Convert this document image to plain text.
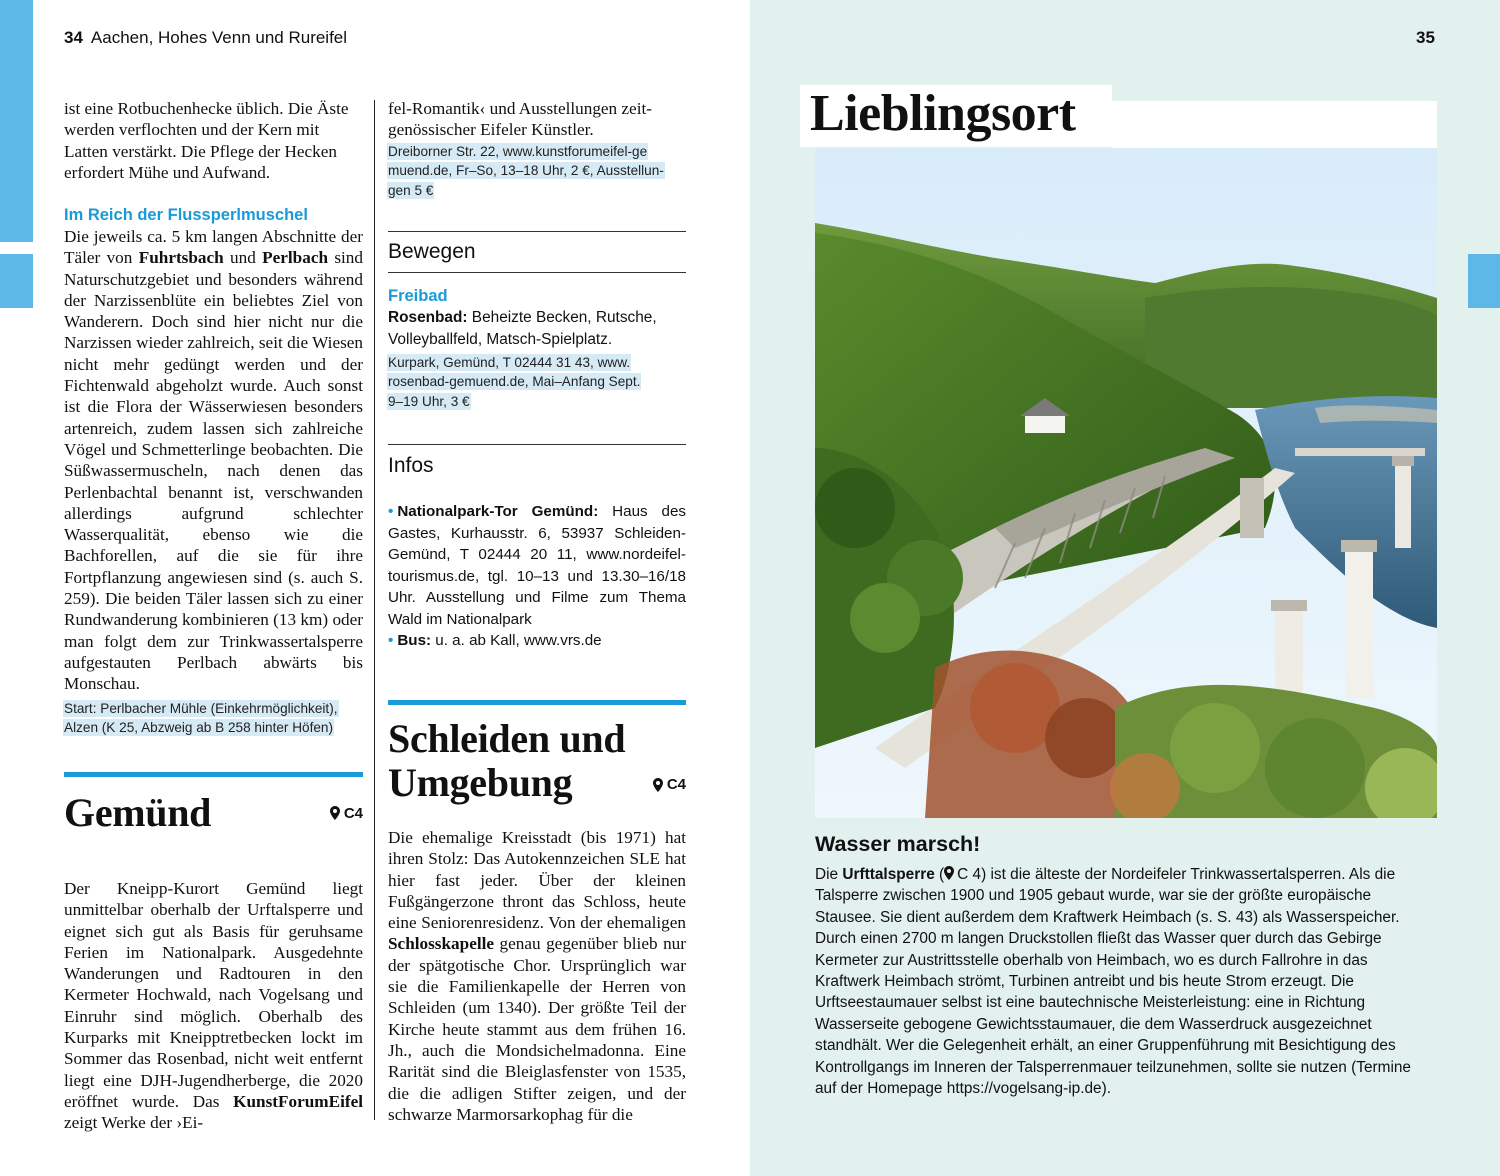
34 Aachen, Hohes Venn und Rureifel
ist eine Rotbuchenhecke üblich. Die Äste
werden verflochten und der Kern mit
Latten verstärkt. Die Pflege der Hecken
erfordert Mühe und Aufwand.
Im Reich der Flussperlmuschel

Die jeweils ca. 5 km langen Abschnitte der Täler von Fuhrtsbach und Perlbach sind Naturschutzgebiet und besonders während der Narzissenblüte ein beliebtes Ziel von Wanderern. Doch sind hier nicht nur die Narzissen wieder zahlreich, seit die Wiesen nicht mehr gedüngt werden und der Fichtenwald abgeholzt wurde. Auch sonst ist die Flora der Wässerwiesen besonders artenreich, zudem lassen sich zahlreiche Vögel und Schmetterlinge beobachten. Die Süßwassermuscheln, nach denen das Perlenbachtal benannt ist, verschwanden allerdings aufgrund schlechter Wasserqualität, ebenso wie die Bachforellen, auf die sie für ihre Fortpflanzung angewiesen sind (s. auch S. 259). Die beiden Täler lassen sich zu einer Rundwanderung kombinieren (13 km) oder man folgt dem zur Trinkwassertalsperre aufgestauten Perlbach abwärts bis Monschau.

Start: Perlbacher Mühle (Einkehrmöglichkeit),
Alzen (K 25, Abzweig ab B 258 hinter Höfen)
Gemünd	C4

Der Kneipp-Kurort Gemünd liegt unmittelbar oberhalb der Urftalsperre und eignet sich gut als Basis für geruhsame Ferien im Nationalpark. Ausgedehnte Wanderungen und Radtouren in den Kermeter Hochwald, nach Vogelsang und Einruhr sind möglich. Oberhalb des Kurparks mit Kneipptretbecken lockt im Sommer das Rosenbad, nicht weit entfernt liegt eine DJH-Jugendherberge, die 2020 eröffnet wurde. Das KunstForumEifel zeigt Werke der ›Ei-

fel-Romantik‹ und Ausstellungen zeit-
genössischer Eifeler Künstler.
Dreiborner Str. 22, www.kunstforumeifel-ge
muend.de, Fr–So, 13–18 Uhr, 2 €, Ausstellun-
gen 5 €
Bewegen
Freibad

Rosenbad: Beheizte Becken, Rutsche, Volleyballfeld, Matsch-Spielplatz.

Kurpark, Gemünd, T 02444 31 43, www.
rosenbad-gemuend.de, Mai–Anfang Sept.
9–19 Uhr, 3 €
Infos
• Nationalpark-Tor Gemünd: Haus des Gastes, Kurhausstr. 6, 53937 Schleiden-Gemünd, T 02444 20 11, www.nordeifel-tourismus.de, tgl. 10–13 und 13.30–16/18 Uhr. Ausstellung und Filme zum Thema Wald im Nationalpark
• Bus: u. a. ab Kall, www.vrs.de
Schleiden und
Umgebung	C4

Die ehemalige Kreisstadt (bis 1971) hat ihren Stolz: Das Autokennzeichen SLE hat hier fast jeder. Über der kleinen Fußgängerzone thront das Schloss, heute eine Seniorenresidenz. Von der ehemaligen Schlosskapelle genau gegenüber blieb nur der spätgotische Chor. Ursprünglich war sie die Familienkapelle der Herren von Schleiden (um 1340). Der größte Teil der Kirche heute stammt aus dem frühen 16. Jh., auch die Mondsichelmadonna. Eine Rarität sind die Bleiglasfenster von 1535, die die adligen Stifter zeigen, und der schwarze Marmorsarkophag für die

35
Lieblingsort
Wasser marsch!
Die Urfttalsperre ( C 4) ist die älteste der Nordeifeler Trinkwassertalsperren. Als die Talsperre zwischen 1900 und 1905 gebaut wurde, war sie der größte europäische Stausee. Sie dient außerdem dem Kraftwerk Heimbach (s. S. 43) als Wasserspeicher. Durch einen 2700 m langen Druckstollen fließt das Wasser quer durch das Gebirge Kermeter zur Austrittsstelle oberhalb von Heimbach, wo es durch Fallrohre in das Kraftwerk Heimbach strömt, Turbinen antreibt und bis heute Strom erzeugt. Die Urftseestaumauer selbst ist eine bautechnische Meisterleistung: eine in Richtung Wasserseite gebogene Gewichtsstaumauer, die dem Wasserdruck ausgezeichnet standhält. Wer die Gelegenheit erhält, an einer Gruppenführung mit Besichtigung des Kontrollgangs im Inneren der Talsperrenmauer teilzunehmen, sollte sie nutzen (Termine auf der Homepage https://vogelsang-ip.de).
